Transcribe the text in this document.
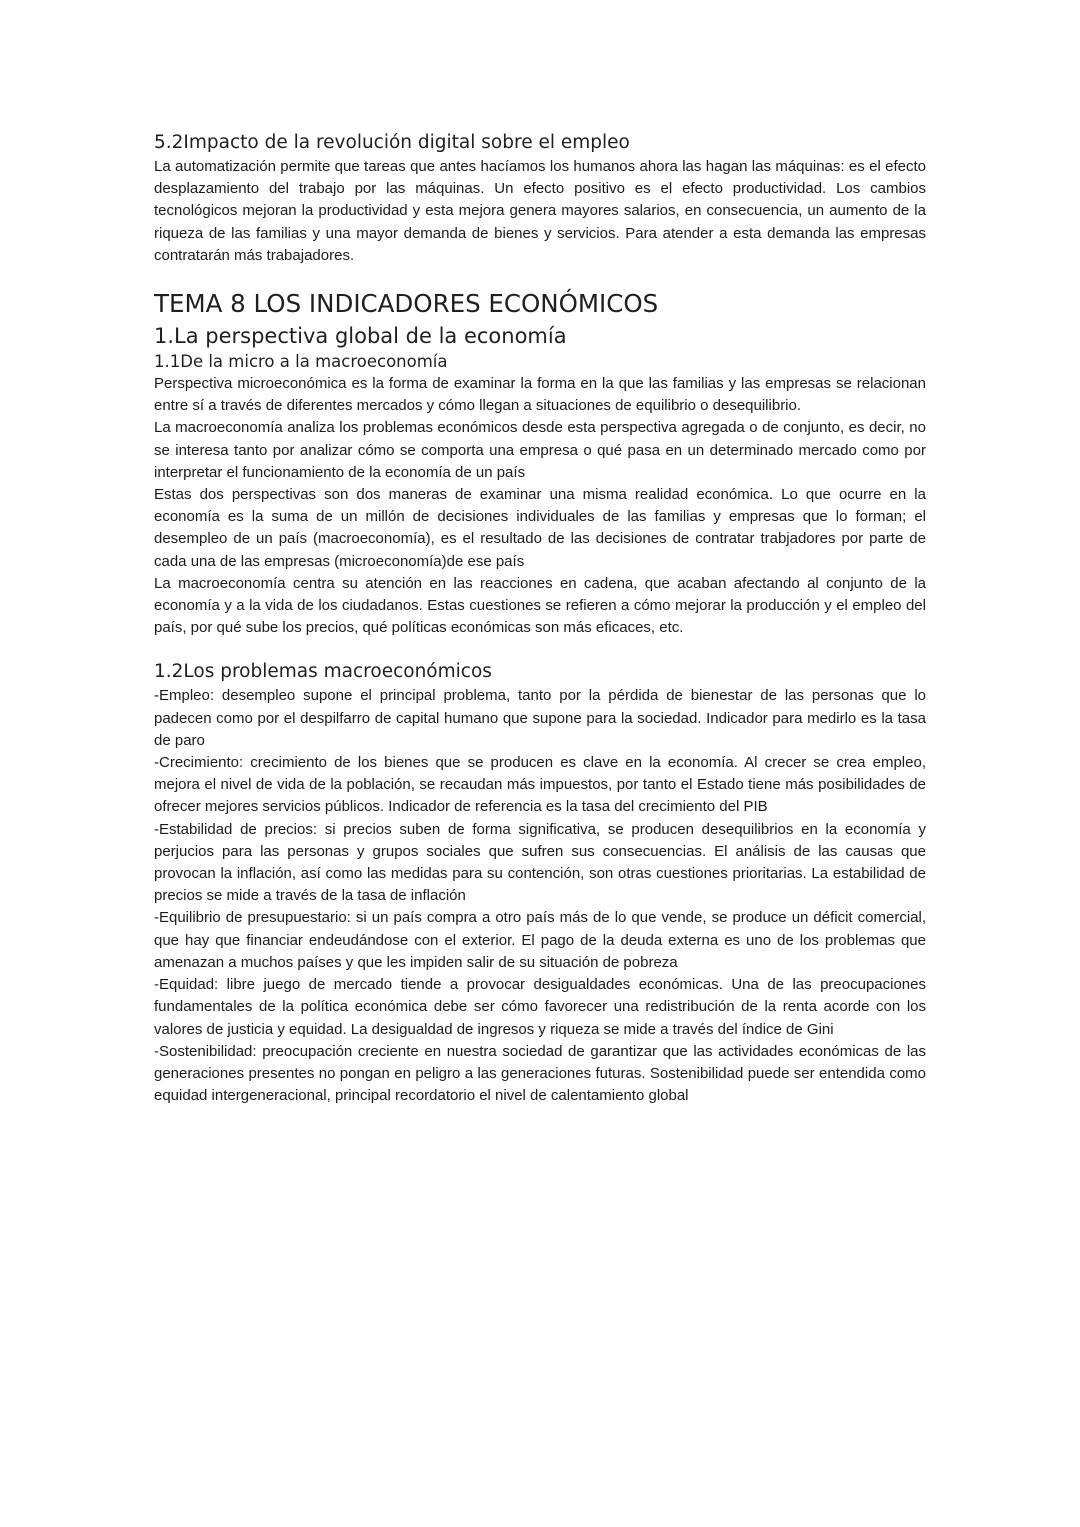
5.2Impacto de la revolución digital sobre el empleo

La automatización permite que tareas que antes hacíamos los humanos ahora las hagan las máquinas: es el efecto desplazamiento del trabajo por las máquinas. Un efecto positivo es el efecto productividad. Los cambios tecnológicos mejoran la productividad y esta mejora genera mayores salarios, en consecuencia, un aumento de la riqueza de las familias y una mayor demanda de bienes y servicios. Para atender a esta demanda las empresas contratarán más trabajadores.

TEMA 8 LOS INDICADORES ECONÓMICOS
1.La perspectiva global de la economía
1.1De la micro a la macroeconomía

Perspectiva microeconómica es la forma de examinar la forma en la que las familias y las empresas se relacionan entre sí a través de diferentes mercados y cómo llegan a situaciones de equilibrio o desequilibrio.

La macroeconomía analiza los problemas económicos desde esta perspectiva agregada o de conjunto, es decir, no se interesa tanto por analizar cómo se comporta una empresa o qué pasa en un determinado mercado como por interpretar el funcionamiento de la economía de un país

Estas dos perspectivas son dos maneras de examinar una misma realidad económica. Lo que ocurre en la economía es la suma de un millón de decisiones individuales de las familias y empresas que lo forman; el desempleo de un país (macroeconomía), es el resultado de las decisiones de contratar trabjadores por parte de cada una de las empresas (microeconomía)de ese país

La macroeconomía centra su atención en las reacciones en cadena, que acaban afectando al conjunto de la economía y a la vida de los ciudadanos. Estas cuestiones se refieren a cómo mejorar la producción y el empleo del país, por qué sube los precios, qué políticas económicas son más eficaces, etc.

1.2Los problemas macroeconómicos

-Empleo: desempleo supone el principal problema, tanto por la pérdida de bienestar de las personas que lo padecen como por el despilfarro de capital humano que supone para la sociedad. Indicador para medirlo es la tasa de paro

-Crecimiento: crecimiento de los bienes que se producen es clave en la economía. Al crecer se crea empleo, mejora el nivel de vida de la población, se recaudan más impuestos, por tanto el Estado tiene más posibilidades de ofrecer mejores servicios públicos. Indicador de referencia es la tasa del crecimiento del PIB

-Estabilidad de precios: si precios suben de forma significativa, se producen desequilibrios en la economía y perjucios para las personas y grupos sociales que sufren sus consecuencias. El análisis de las causas que provocan la inflación, así como las medidas para su contención, son otras cuestiones prioritarias. La estabilidad de precios se mide a través de la tasa de inflación

-Equilibrio de presupuestario: si un país compra a otro país más de lo que vende, se produce un déficit comercial, que hay que financiar endeudándose con el exterior. El pago de la deuda externa es uno de los problemas que amenazan a muchos países y que les impiden salir de su situación de pobreza

-Equidad: libre juego de mercado tiende a provocar desigualdades económicas. Una de las preocupaciones fundamentales de la política económica debe ser cómo favorecer una redistribución de la renta acorde con los valores de justicia y equidad. La desigualdad de ingresos y riqueza se mide a través del índice de Gini

-Sostenibilidad: preocupación creciente en nuestra sociedad de garantizar que las actividades económicas de las generaciones presentes no pongan en peligro a las generaciones futuras. Sostenibilidad puede ser entendida como equidad intergeneracional, principal recordatorio el nivel de calentamiento global
